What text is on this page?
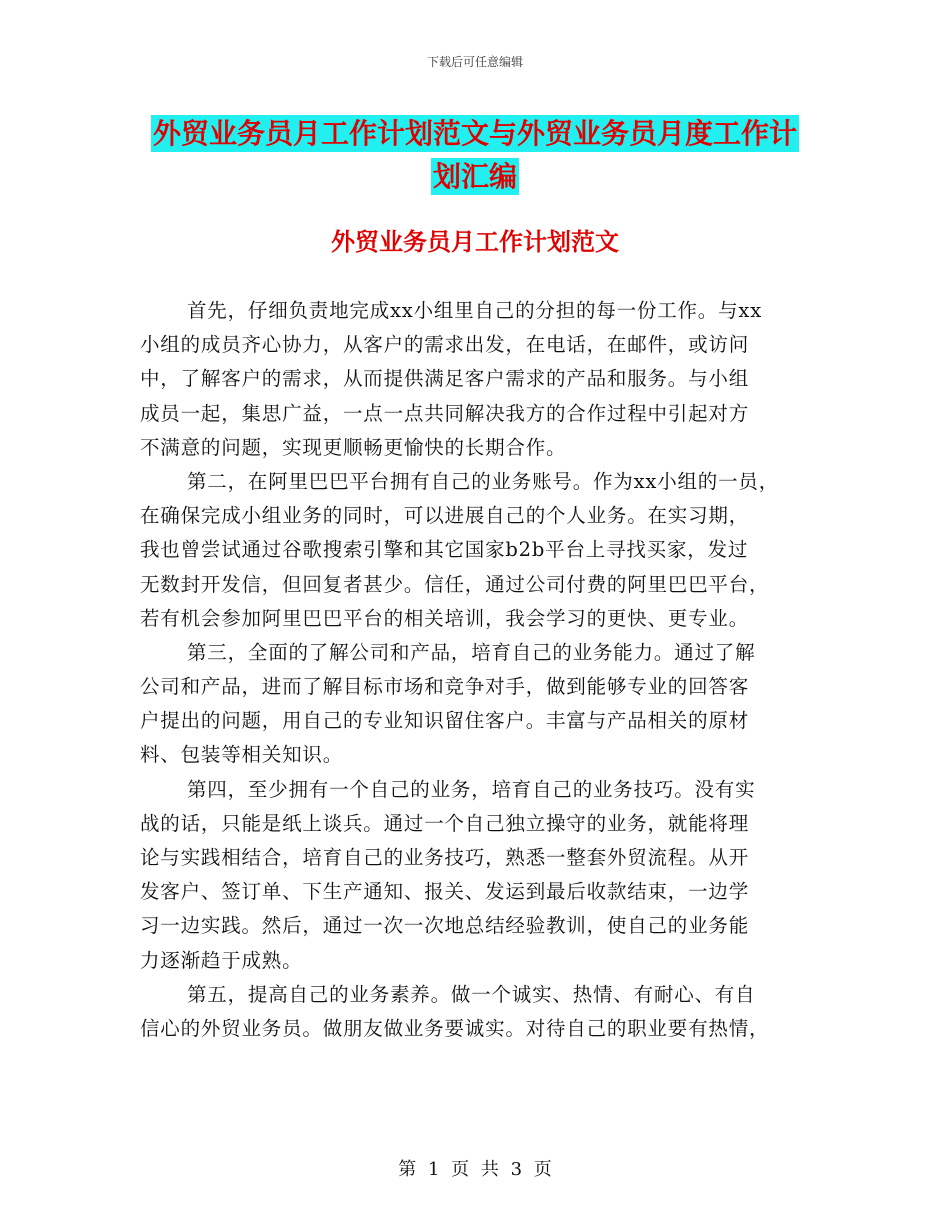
下载后可任意编辑
外贸业务员月工作计划范文与外贸业务员月度工作计
划汇编
外贸业务员月工作计划范文
首先，仔细负责地完成xx小组里自己的分担的每一份工作。与xx
小组的成员齐心协力，从客户的需求出发，在电话，在邮件，或访问
中，了解客户的需求，从而提供满足客户需求的产品和服务。与小组
成员一起，集思广益，一点一点共同解决我方的合作过程中引起对方
不满意的问题，实现更顺畅更愉快的长期合作。
第二，在阿里巴巴平台拥有自己的业务账号。作为xx小组的一员，
在确保完成小组业务的同时，可以进展自己的个人业务。在实习期，
我也曾尝试通过谷歌搜索引擎和其它国家b2b平台上寻找买家，发过
无数封开发信，但回复者甚少。信任，通过公司付费的阿里巴巴平台，
若有机会参加阿里巴巴平台的相关培训，我会学习的更快、更专业。
第三，全面的了解公司和产品，培育自己的业务能力。通过了解
公司和产品，进而了解目标市场和竞争对手，做到能够专业的回答客
户提出的问题，用自己的专业知识留住客户。丰富与产品相关的原材
料、包装等相关知识。
第四，至少拥有一个自己的业务，培育自己的业务技巧。没有实
战的话，只能是纸上谈兵。通过一个自己独立操守的业务，就能将理
论与实践相结合，培育自己的业务技巧，熟悉一整套外贸流程。从开
发客户、签订单、下生产通知、报关、发运到最后收款结束，一边学
习一边实践。然后，通过一次一次地总结经验教训，使自己的业务能
力逐渐趋于成熟。
第五，提高自己的业务素养。做一个诚实、热情、有耐心、有自
信心的外贸业务员。做朋友做业务要诚实。对待自己的职业要有热情，
第 1 页 共 3 页
